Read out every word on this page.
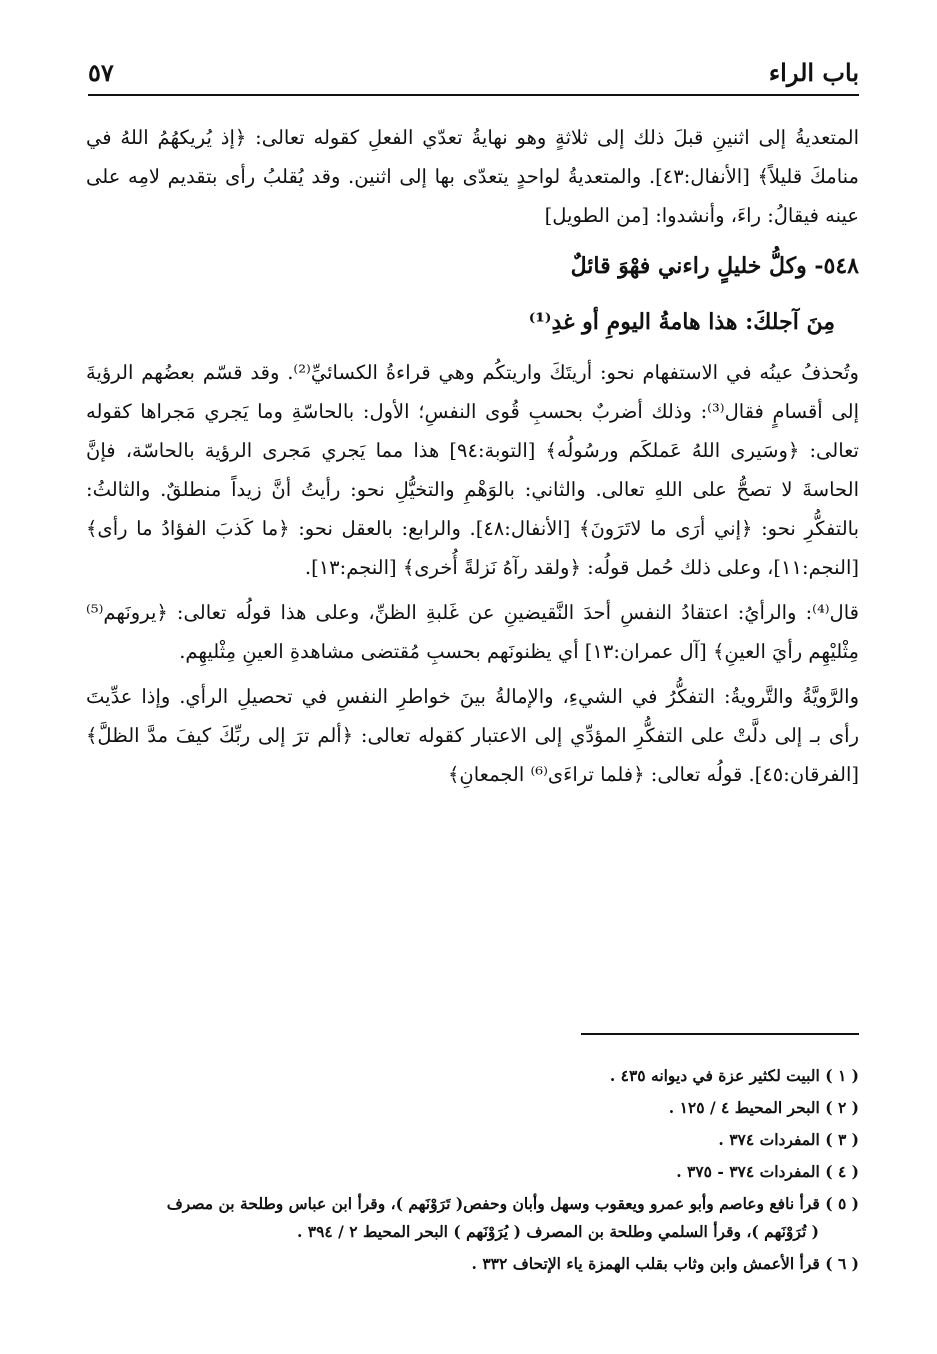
باب الراء
٥٧

المتعديةُ إلى اثنينِ قبلَ ذلك إلى ثلاثةٍ وهو نهايةُ تعدّي الفعلِ كقوله تعالى: ﴿إذ يُريكهُمُ اللهُ في منامكَ قليلاً﴾ [الأنفال:٤٣]. والمتعديةُ لواحدٍ يتعدّى بها إلى اثنين. وقد يُقلبُ رأى بتقديم لامِه على عينه فيقالُ: راءَ، وأنشدوا: [من الطويل]

٥٤٨- وكلُّ خليلٍ راءني فهْوَ قائلٌ
مِنَ آجلكَ: هذا هامةُ اليومِ أو غدِ⁽¹⁾

وتُحذفُ عينُه في الاستفهام نحو: أريتَكَ واريتكُم وهي قراءةُ الكسائيِّ⁽²⁾. وقد قسّم بعضُهم الرؤيةَ إلى أقسامٍ فقال⁽³⁾: وذلك أضربٌ بحسبِ قُوى النفسِ؛ الأول: بالحاسّةِ وما يَجري مَجراها كقوله تعالى: ﴿وسَيرى اللهُ عَملكَم ورسُولُه﴾ [التوبة:٩٤] هذا مما يَجري مَجرى الرؤية بالحاسّة، فإنَّ الحاسةَ لا تصحُّ على اللهِ تعالى. والثاني: بالوَهْمِ والتخيُّلِ نحو: رأيتُ أنَّ زيداً منطلقٌ. والثالثُ: بالتفكُّرِ نحو: ﴿إني أرَى ما لاتَرَونَ﴾ [الأنفال:٤٨]. والرابع: بالعقل نحو: ﴿ما كَذبَ الفؤادُ ما رأى﴾ [النجم:١١]، وعلى ذلك حُمل قولُه: ﴿ولقد رآهُ نَزلةً أُخرى﴾ [النجم:١٣].

قال⁽⁴⁾: والرأيُ: اعتقادُ النفسِ أحدَ النَّقيضينِ عن غَلبةِ الظنِّ، وعلى هذا قولُه تعالى: ﴿يرونَهم⁽⁵⁾ مِثْليْهِم رأيَ العينِ﴾ [آل عمران:١٣] أي يظنونَهم بحسبِ مُقتضى مشاهدةِ العينِ مِثْليهِم.

والرَّويَّةُ والتَّرويةُ: التفكُّرُ في الشيءِ، والإمالةُ بينَ خواطرِ النفسِ في تحصيلِ الرأي. وإذا عدِّيتَ رأى بـ إلى دلَّتْ على التفكُّرِ المؤدِّي إلى الاعتبار كقوله تعالى: ﴿ألم ترَ إلى ربِّكَ كيفَ مدَّ الظلَّ﴾ [الفرقان:٤٥]. قولُه تعالى: ﴿فلما تراءَى⁽⁶⁾ الجمعانِ﴾

( ١ ) البيت لكثير عزة في ديوانه ٤٣٥ .
( ٢ ) البحر المحيط ٤ / ١٢٥ .
( ٣ ) المفردات ٣٧٤ .
( ٤ ) المفردات ٣٧٤ - ٣٧٥ .
( ٥ ) قرأ نافع وعاصم وأبو عمرو ويعقوب وسهل وأبان وحفص( تَرَوْنَهم )، وقرأ ابن عباس وطلحة بن مصرف
( تُرَوْنَهم )، وقرأ السلمي وطلحة بن المصرف ( يُرَوْنَهم ) البحر المحيط ٢ / ٣٩٤ .
( ٦ ) قرأ الأعمش وابن وثاب بقلب الهمزة ياء الإتحاف ٣٣٢ .
